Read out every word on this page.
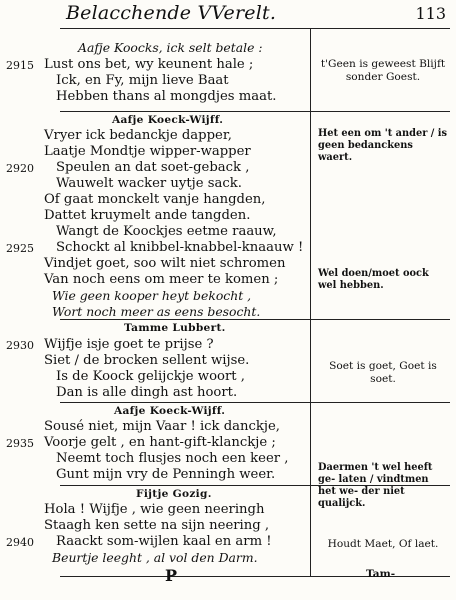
Belacchende VVerelt.	113
Aafje Koocks, ick selt betale :
2915 Lust ons bet, wy keunent hale ;
Ick, en Fy, mijn lieve Baat
Hebben thans al mongdjes maat.
t'Geen is geweest Blijft sonder Goest.
Aafje Koeck-Wijff.
Vryer ick bedanckje dapper,
Laatje Mondtje wipper-wapper
2920 Speulen an dat soet-geback ,
Wauwelt wacker uytje sack.
Of gaat monckelt vanje hangden,
Dattet kruymelt ande tangden.
Wangt de Koockjes eetme raauw,
2925 Schockt al knibbel-knabbel-knaauw !
Vindjet goet, soo wilt niet schromen
Van noch eens om meer te komen ;
Wie geen kooper heyt bekocht ,
Wort noch meer as eens besocht.
Het een om 't ander / is geen bedanckens waert.
Wel doen/moet oock wel hebben.
Tamme Lubbert.
2930 Wijfje isje goet te prijse ?
Siet / de brocken sellent wijse.
Is de Koock gelijckje woort ,
Dan is alle dingh ast hoort.
Soet is goet, Goet is soet.
Aafje Koeck-Wijff.
Sousé niet, mijn Vaar ! ick danckje,
2935 Voorje gelt , en hant-gift-klanckje ;
Neemt toch flusjes noch een keer ,
Gunt mijn vry de Penningh weer.	Daermen 't wel heeft ge- laten / vindtmen het we- der niet qualijck.
Fijtje Gozig.
Hola ! Wijfje , wie geen neeringh
Staagh ken sette na sijn neering ,
2940 Raackt som-wijlen kaal en arm !
Beurtje leeght , al vol den Darm.
Houdt Maet, Of laet.
P	Tam-
